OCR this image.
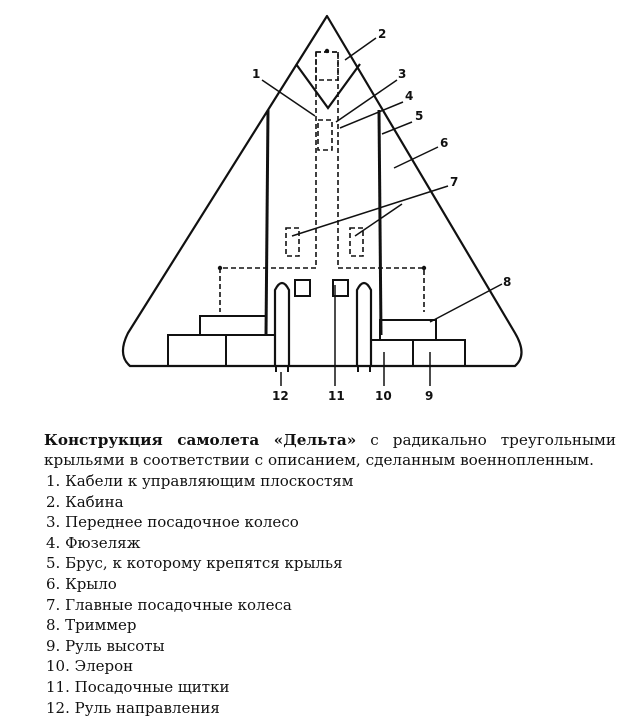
1
2
3
4
5
6
7
8
9
10
11
12
Конструкция самолета «Дельта» с радикально треугольными крыльями в соответствии с описанием, сделанным военнопленным.
1. Кабели к управляющим плоскостям
2. Кабина
3. Переднее посадочное колесо
4. Фюзеляж
5. Брус, к которому крепятся крылья
6. Крыло
7. Главные посадочные колеса
8. Триммер
9. Руль высоты
10. Элерон
11. Посадочные щитки
12. Руль направления
